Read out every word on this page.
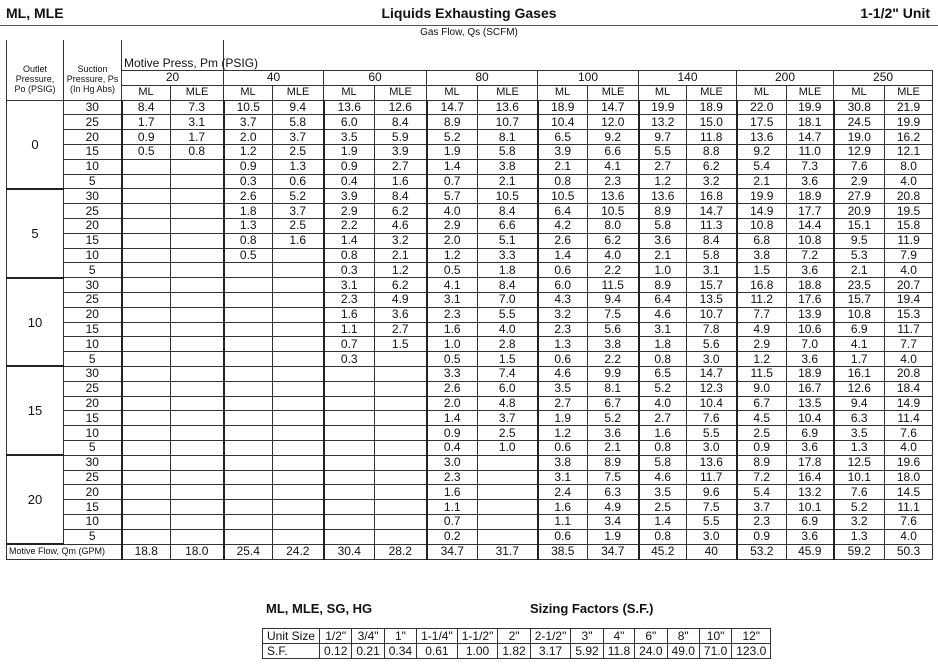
ML, MLE	Liquids Exhausting Gases	1-1/2" Unit
Gas Flow, Qs (SCFM)
Outlet Pressure, Po (PSIG)	Suction Pressure, Ps (In Hg Abs)	Motive Press, Pm (PSIG)																
		20		40		60		80		100		140		200		250		
		ML	MLE	ML	MLE	ML	MLE	ML	MLE	ML	MLE	ML	MLE	ML	MLE	ML	MLE	
0	30	8.4	7.3	10.5	9.4	13.6	12.6	14.7	13.6	18.9	14.7	19.9	18.9	22.0	19.9	30.8	21.9	
	25	1.7	3.1	3.7	5.8	6.0	8.4	8.9	10.7	10.4	12.0	13.2	15.0	17.5	18.1	24.5	19.9	
	20	0.9	1.7	2.0	3.7	3.5	5.9	5.2	8.1	6.5	9.2	9.7	11.8	13.6	14.7	19.0	16.2	
	15	0.5	0.8	1.2	2.5	1.9	3.9	1.9	5.8	3.9	6.6	5.5	8.8	9.2	11.0	12.9	12.1	
	10			0.9	1.3	0.9	2.7	1.4	3.8	2.1	4.1	2.7	6.2	5.4	7.3	7.6	8.0	
	5			0.3	0.6	0.4	1.6	0.7	2.1	0.8	2.3	1.2	3.2	2.1	3.6	2.9	4.0	
5	30			2.6	5.2	3.9	8.4	5.7	10.5	10.5	13.6	13.6	16.8	19.9	18.9	27.9	20.8	
	25			1.8	3.7	2.9	6.2	4.0	8.4	6.4	10.5	8.9	14.7	14.9	17.7	20.9	19.5	
	20			1.3	2.5	2.2	4.6	2.9	6.6	4.2	8.0	5.8	11.3	10.8	14.4	15.1	15.8	
	15			0.8	1.6	1.4	3.2	2.0	5.1	2.6	6.2	3.6	8.4	6.8	10.8	9.5	11.9	
	10			0.5		0.8	2.1	1.2	3.3	1.4	4.0	2.1	5.8	3.8	7.2	5.3	7.9	
	5					0.3	1.2	0.5	1.8	0.6	2.2	1.0	3.1	1.5	3.6	2.1	4.0	
10	30					3.1	6.2	4.1	8.4	6.0	11.5	8.9	15.7	16.8	18.8	23.5	20.7	
	25					2.3	4.9	3.1	7.0	4.3	9.4	6.4	13.5	11.2	17.6	15.7	19.4	
	20					1.6	3.6	2.3	5.5	3.2	7.5	4.6	10.7	7.7	13.9	10.8	15.3	
	15					1.1	2.7	1.6	4.0	2.3	5.6	3.1	7.8	4.9	10.6	6.9	11.7	
	10					0.7	1.5	1.0	2.8	1.3	3.8	1.8	5.6	2.9	7.0	4.1	7.7	
	5					0.3		0.5	1.5	0.6	2.2	0.8	3.0	1.2	3.6	1.7	4.0	
15	30							3.3	7.4	4.6	9.9	6.5	14.7	11.5	18.9	16.1	20.8	
	25							2.6	6.0	3.5	8.1	5.2	12.3	9.0	16.7	12.6	18.4	
	20							2.0	4.8	2.7	6.7	4.0	10.4	6.7	13.5	9.4	14.9	
	15							1.4	3.7	1.9	5.2	2.7	7.6	4.5	10.4	6.3	11.4	
	10							0.9	2.5	1.2	3.6	1.6	5.5	2.5	6.9	3.5	7.6	
	5							0.4	1.0	0.6	2.1	0.8	3.0	0.9	3.6	1.3	4.0	
20	30							3.0		3.8	8.9	5.8	13.6	8.9	17.8	12.5	19.6	
	25							2.3		3.1	7.5	4.6	11.7	7.2	16.4	10.1	18.0	
	20							1.6		2.4	6.3	3.5	9.6	5.4	13.2	7.6	14.5	
	15							1.1		1.6	4.9	2.5	7.5	3.7	10.1	5.2	11.1	
	10							0.7		1.1	3.4	1.4	5.5	2.3	6.9	3.2	7.6	
	5							0.2		0.6	1.9	0.8	3.0	0.9	3.6	1.3	4.0	
Motive Flow, Qm (GPM)		18.8	18.0	25.4	24.2	30.4	28.2	34.7	31.7	38.5	34.7	45.2	40	53.2	45.9	59.2	50.3	
ML, MLE, SG, HG	Sizing Factors (S.F.)
Unit Size	1/2"	3/4"	1"	1-1/4"	1-1/2"	2"	2-1/2"	3"	4"	6"	8"	10"	12"
S.F.	0.12	0.21	0.34	0.61	1.00	1.82	3.17	5.92	11.8	24.0	49.0	71.0	123.0
